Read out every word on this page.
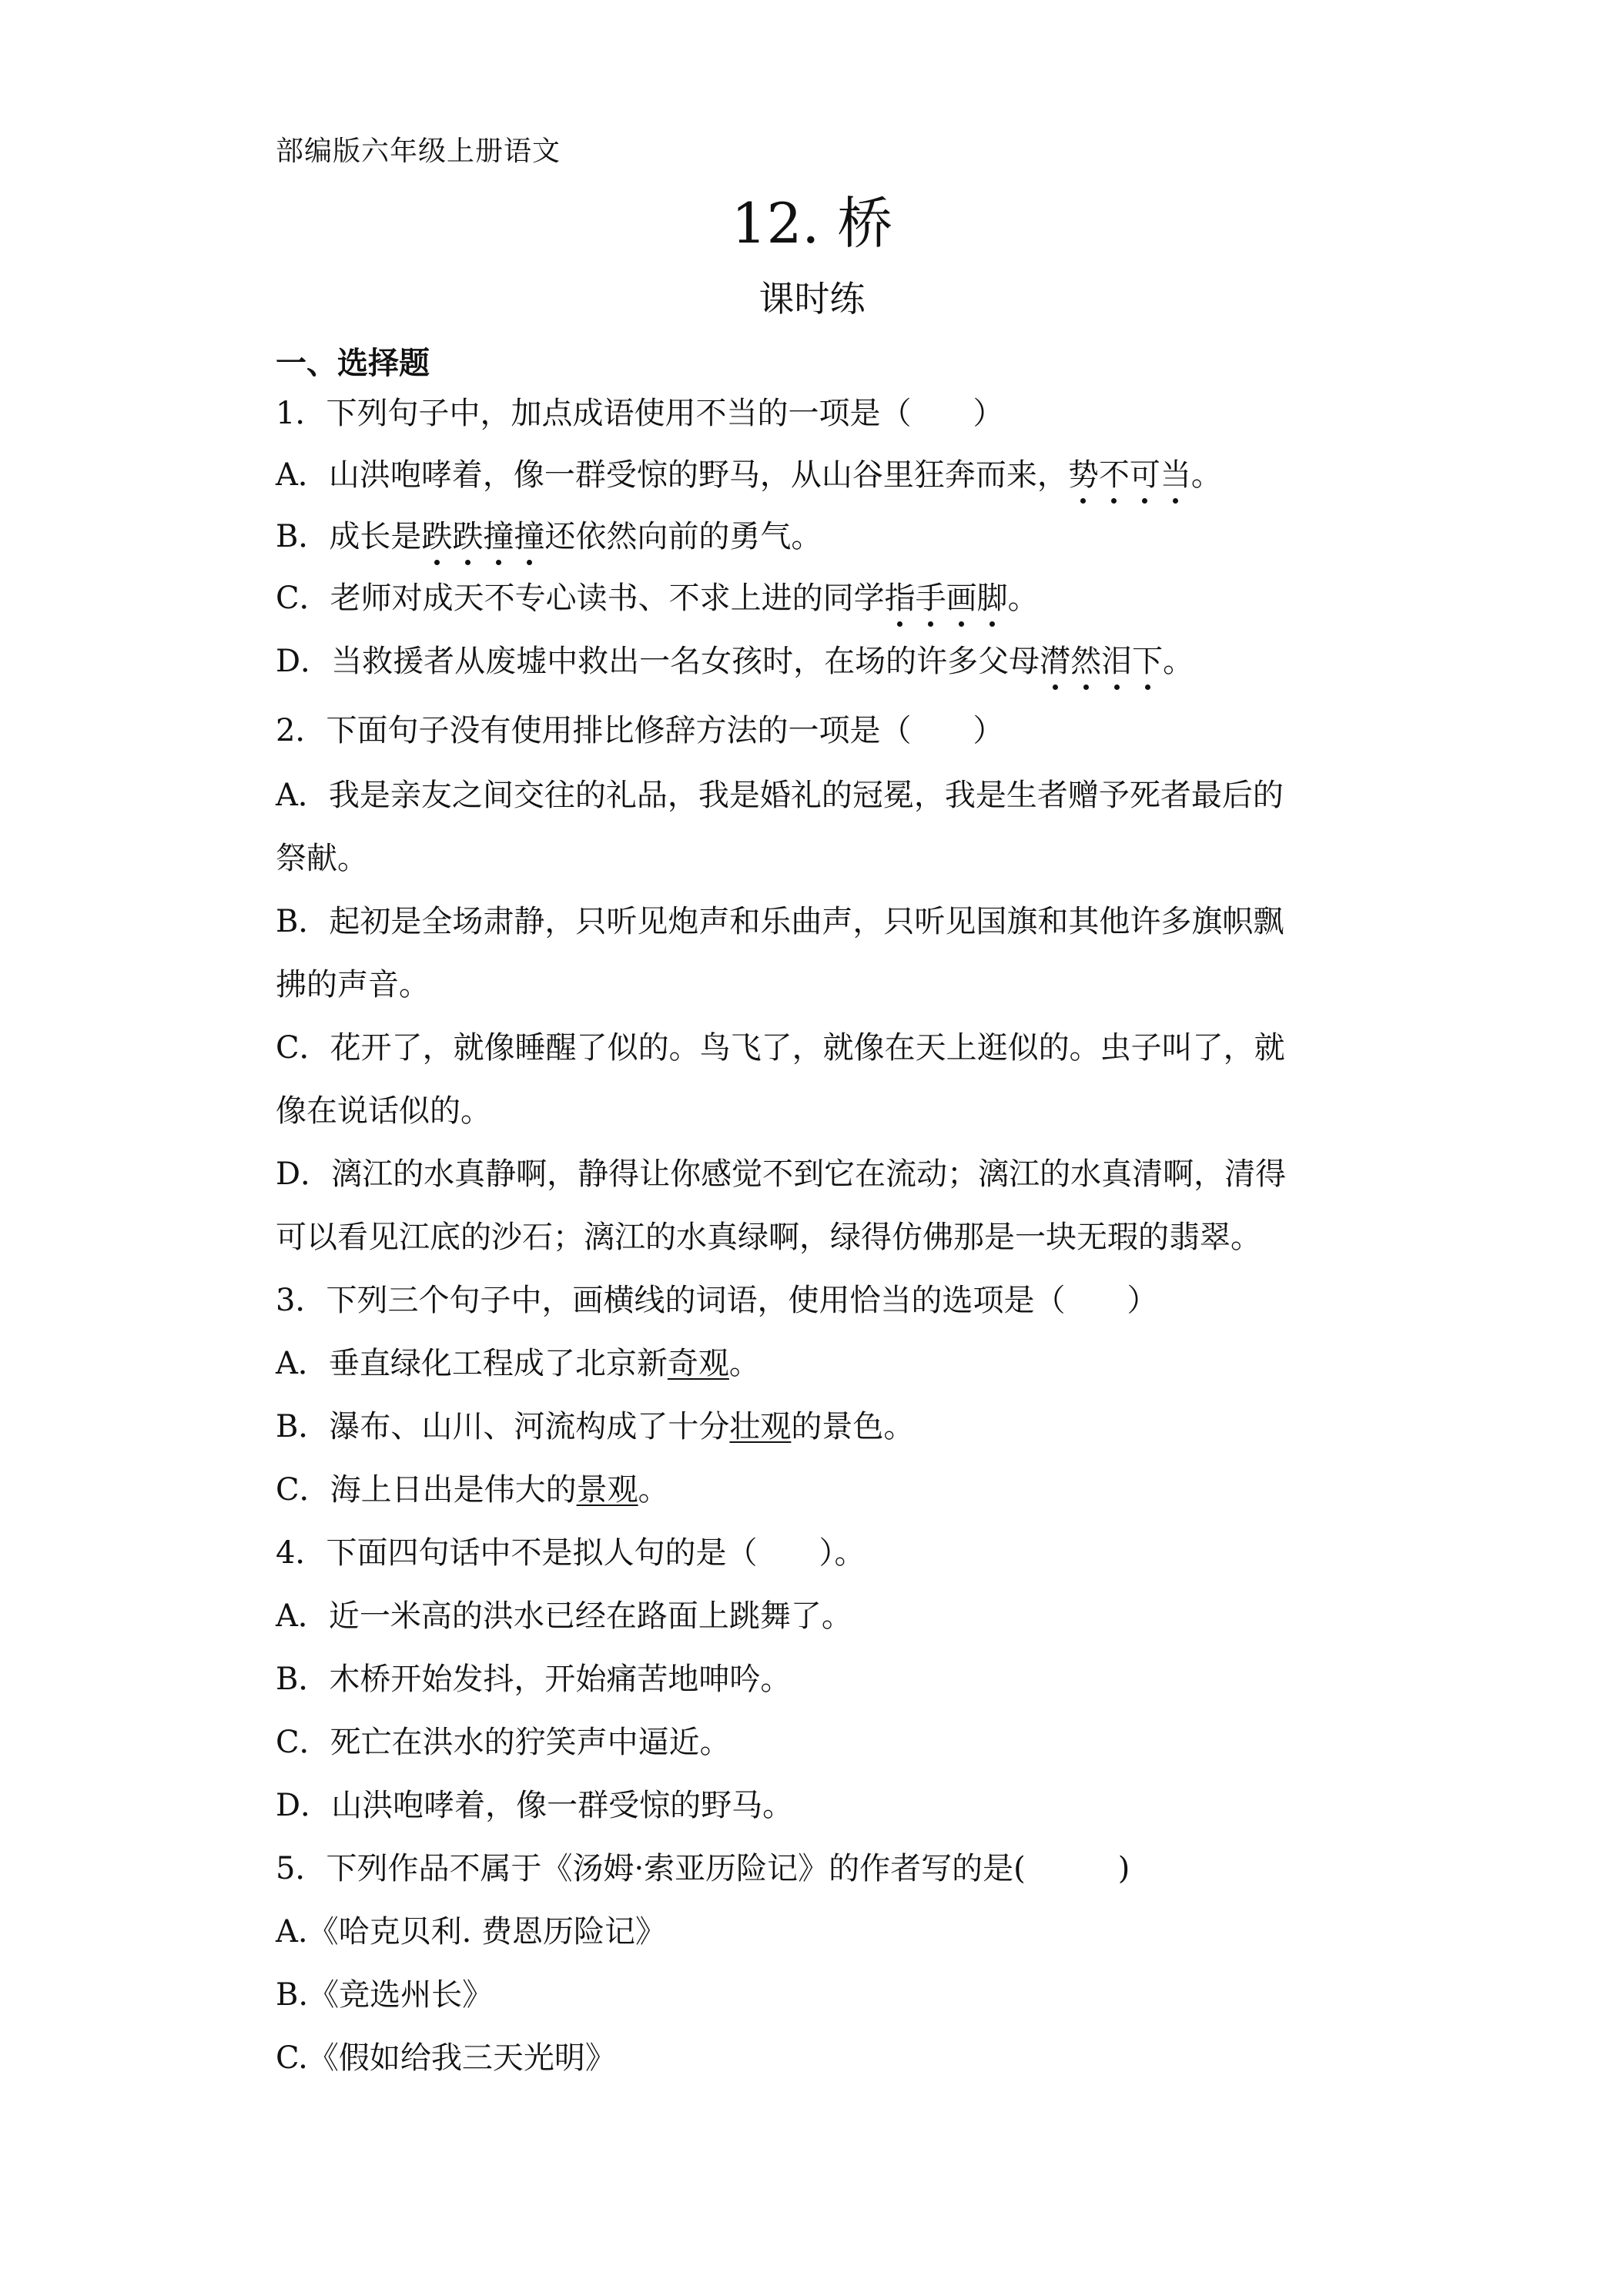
部编版六年级上册语文
12. 桥
课时练
一、选择题
1．下列句子中，加点成语使用不当的一项是（　　）
A．山洪咆哮着，像一群受惊的野马，从山谷里狂奔而来，势不可当。
B．成长是跌跌撞撞还依然向前的勇气。
C．老师对成天不专心读书、不求上进的同学指手画脚。
D．当救援者从废墟中救出一名女孩时，在场的许多父母潸然泪下。
2．下面句子没有使用排比修辞方法的一项是（　　）
A．我是亲友之间交往的礼品，我是婚礼的冠冕，我是生者赠予死者最后的
祭献。
B．起初是全场肃静，只听见炮声和乐曲声，只听见国旗和其他许多旗帜飘
拂的声音。
C．花开了，就像睡醒了似的。鸟飞了，就像在天上逛似的。虫子叫了，就
像在说话似的。
D．漓江的水真静啊，静得让你感觉不到它在流动；漓江的水真清啊，清得
可以看见江底的沙石；漓江的水真绿啊，绿得仿佛那是一块无瑕的翡翠。
3．下列三个句子中，画横线的词语，使用恰当的选项是（　　）
A．垂直绿化工程成了北京新奇观。
B．瀑布、山川、河流构成了十分壮观的景色。
C．海上日出是伟大的景观。
4．下面四句话中不是拟人句的是（　　）。
A．近一米高的洪水已经在路面上跳舞了。
B．木桥开始发抖，开始痛苦地呻吟。
C．死亡在洪水的狞笑声中逼近。
D．山洪咆哮着，像一群受惊的野马。
5．下列作品不属于《汤姆·索亚历险记》的作者写的是(　　　)
A.《哈克贝利. 费恩历险记》
B.《竞选州长》
C.《假如给我三天光明》
